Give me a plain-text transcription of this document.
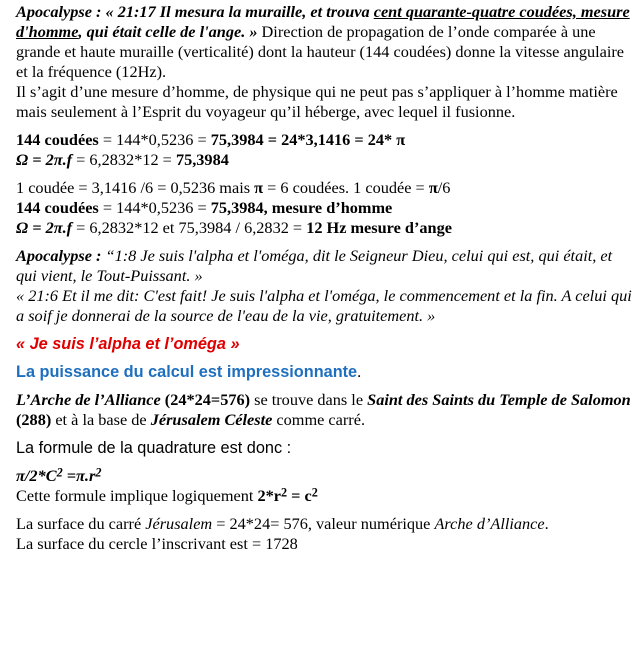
Apocalypse : « 21:17 Il mesura la muraille, et trouva cent quarante-quatre coudées, mesure d'homme, qui était celle de l'ange. » Direction de propagation de l’onde comparée à une grande et haute muraille (verticalité) dont la hauteur (144 coudées) donne la vitesse angulaire et la fréquence (12Hz).
Il s’agit d’une mesure d’homme, de physique qui ne peut pas s’appliquer à l’homme matière mais seulement à l’Esprit du voyageur qu’il héberge, avec lequel il fusionne.

144 coudées = 144*0,5236 = 75,3984 = 24*3,1416 = 24* π
Ω = 2π.f = 6,2832*12 = 75,3984

1 coudée = 3,1416 /6 = 0,5236 mais π = 6 coudées. 1 coudée = π/6
144 coudées = 144*0,5236 = 75,3984, mesure d’homme
Ω = 2π.f = 6,2832*12 et 75,3984 / 6,2832 = 12 Hz mesure d’ange

Apocalypse : “1:8 Je suis l'alpha et l'oméga, dit le Seigneur Dieu, celui qui est, qui était, et qui vient, le Tout-Puissant. »
« 21:6 Et il me dit: C'est fait! Je suis l'alpha et l'oméga, le commencement et la fin. A celui qui a soif je donnerai de la source de l'eau de la vie, gratuitement. »

« Je suis l’alpha et l’oméga »

La puissance du calcul est impressionnante.

L’Arche de l’Alliance (24*24=576) se trouve dans le Saint des Saints du Temple de Salomon (288) et à la base de Jérusalem Céleste comme carré.

La formule de la quadrature est donc :

$\pi/2*C^2 =\pi.r^2$
Cette formule implique logiquement $2*r^2 = c^2$

La surface du carré Jérusalem = 24*24= 576, valeur numérique Arche d’Alliance.
La surface du cercle l’inscrivant est = 1728
